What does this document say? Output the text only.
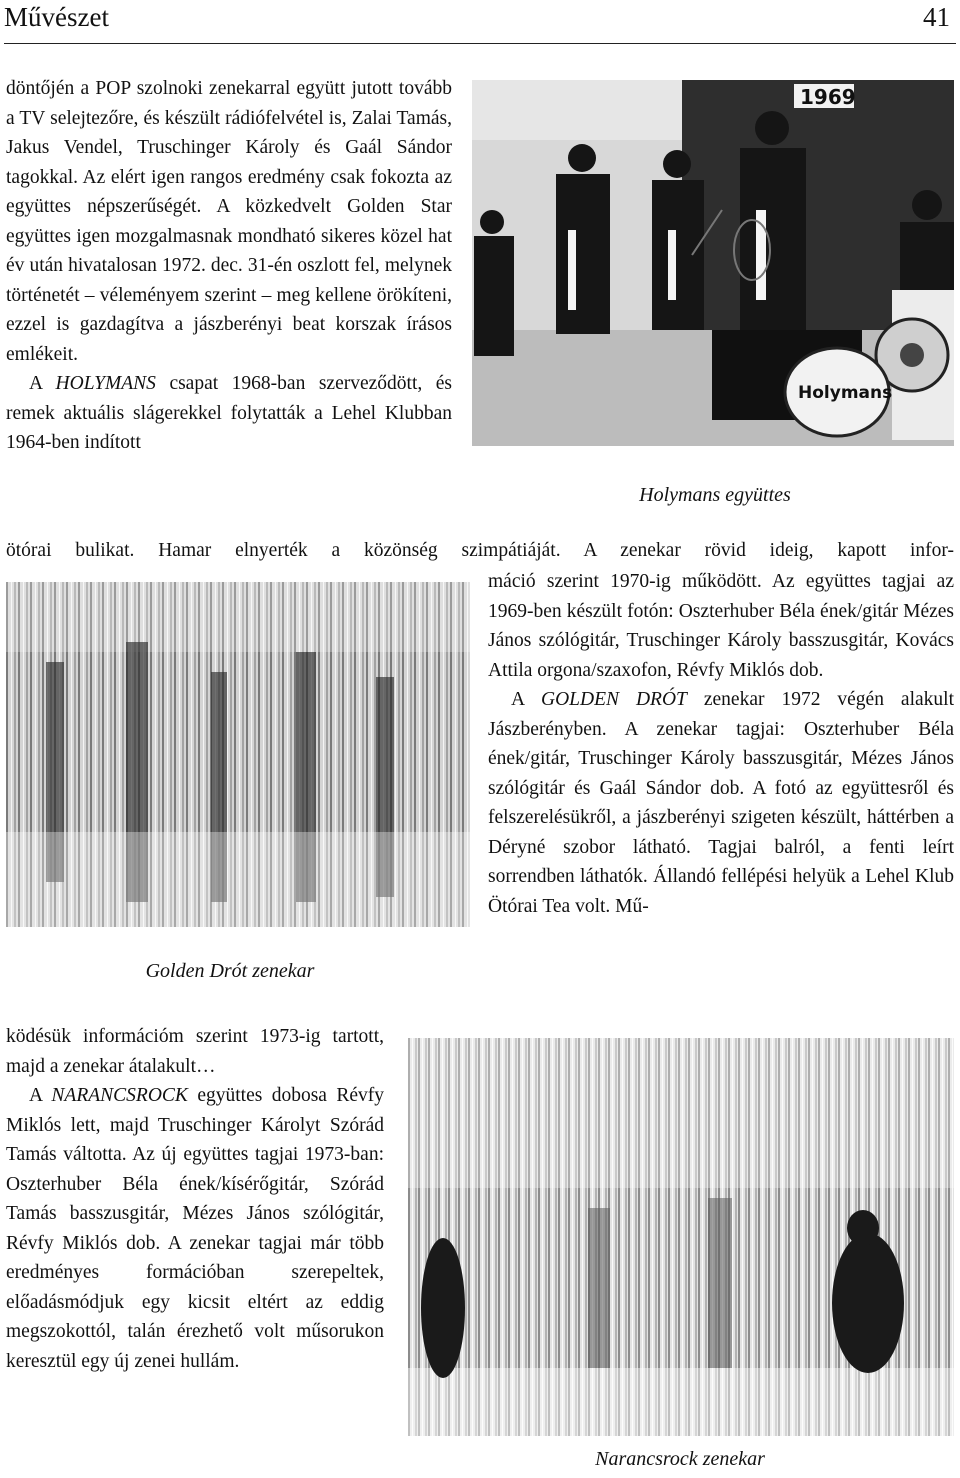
Művészet	41

döntőjén a POP szolnoki zenekarral együtt jutott tovább a TV selejtezőre, és készült rádiófelvétel is, Zalai Tamás, Jakus Vendel, Truschinger Károly és Gaál Sándor tagokkal. Az elért igen rangos eredmény csak fokozta az együttes népszerűségét. A közkedvelt Golden Star együttes igen mozgalmasnak mondható sikeres közel hat év után hivatalosan 1972. dec. 31-én oszlott fel, melynek történetét – véleményem szerint – meg kellene örökíteni, ezzel is gazdagítva a jászberényi beat korszak írásos emlékeit.

A HOLYMANS csapat 1968-ban szerveződött, és remek aktuális slágerekkel folytatták a Lehel Klubban 1964-ben indított

1969
Holymans
Holymans együttes
ötórai bulikat. Hamar elnyerték a közönség szimpátiáját. A zenekar rövid ideig, kapott infor-
Golden Drót zenekar

máció szerint 1970-ig működött. Az együttes tagjai az 1969-ben készült fotón: Oszterhuber Béla ének/gitár Mézes János szólógitár, Truschinger Károly basszusgitár, Kovács Attila orgona/szaxofon, Révfy Miklós dob.

A GOLDEN DRÓT zenekar 1972 végén alakult Jászberényben. A zenekar tagjai: Oszterhuber Béla ének/gitár, Truschinger Károly basszusgitár, Mézes János szólógitár és Gaál Sándor dob. A fotó az együttesről és felszerelésükről, a jászberényi szigeten készült, háttérben a Déryné szobor látható. Tagjai balról, a fenti leírt sorrendben láthatók. Állandó fellépési helyük a Lehel Klub Ötórai Tea volt. Mű-

ködésük információm szerint 1973-ig tartott, majd a zenekar átalakult…

A NARANCSROCK együttes dobosa Révfy Miklós lett, majd Truschinger Károlyt Szórád Tamás váltotta. Az új együttes tagjai 1973-ban: Oszterhuber Béla ének/kísérőgitár, Szórád Tamás basszusgitár, Mézes János szólógitár, Révfy Miklós dob. A zenekar tagjai már több eredményes formációban szerepeltek, előadásmódjuk egy kicsit eltért az eddig megszokottól, talán érezhető volt műsorukon keresztül egy új zenei hullám.

Narancsrock zenekar
